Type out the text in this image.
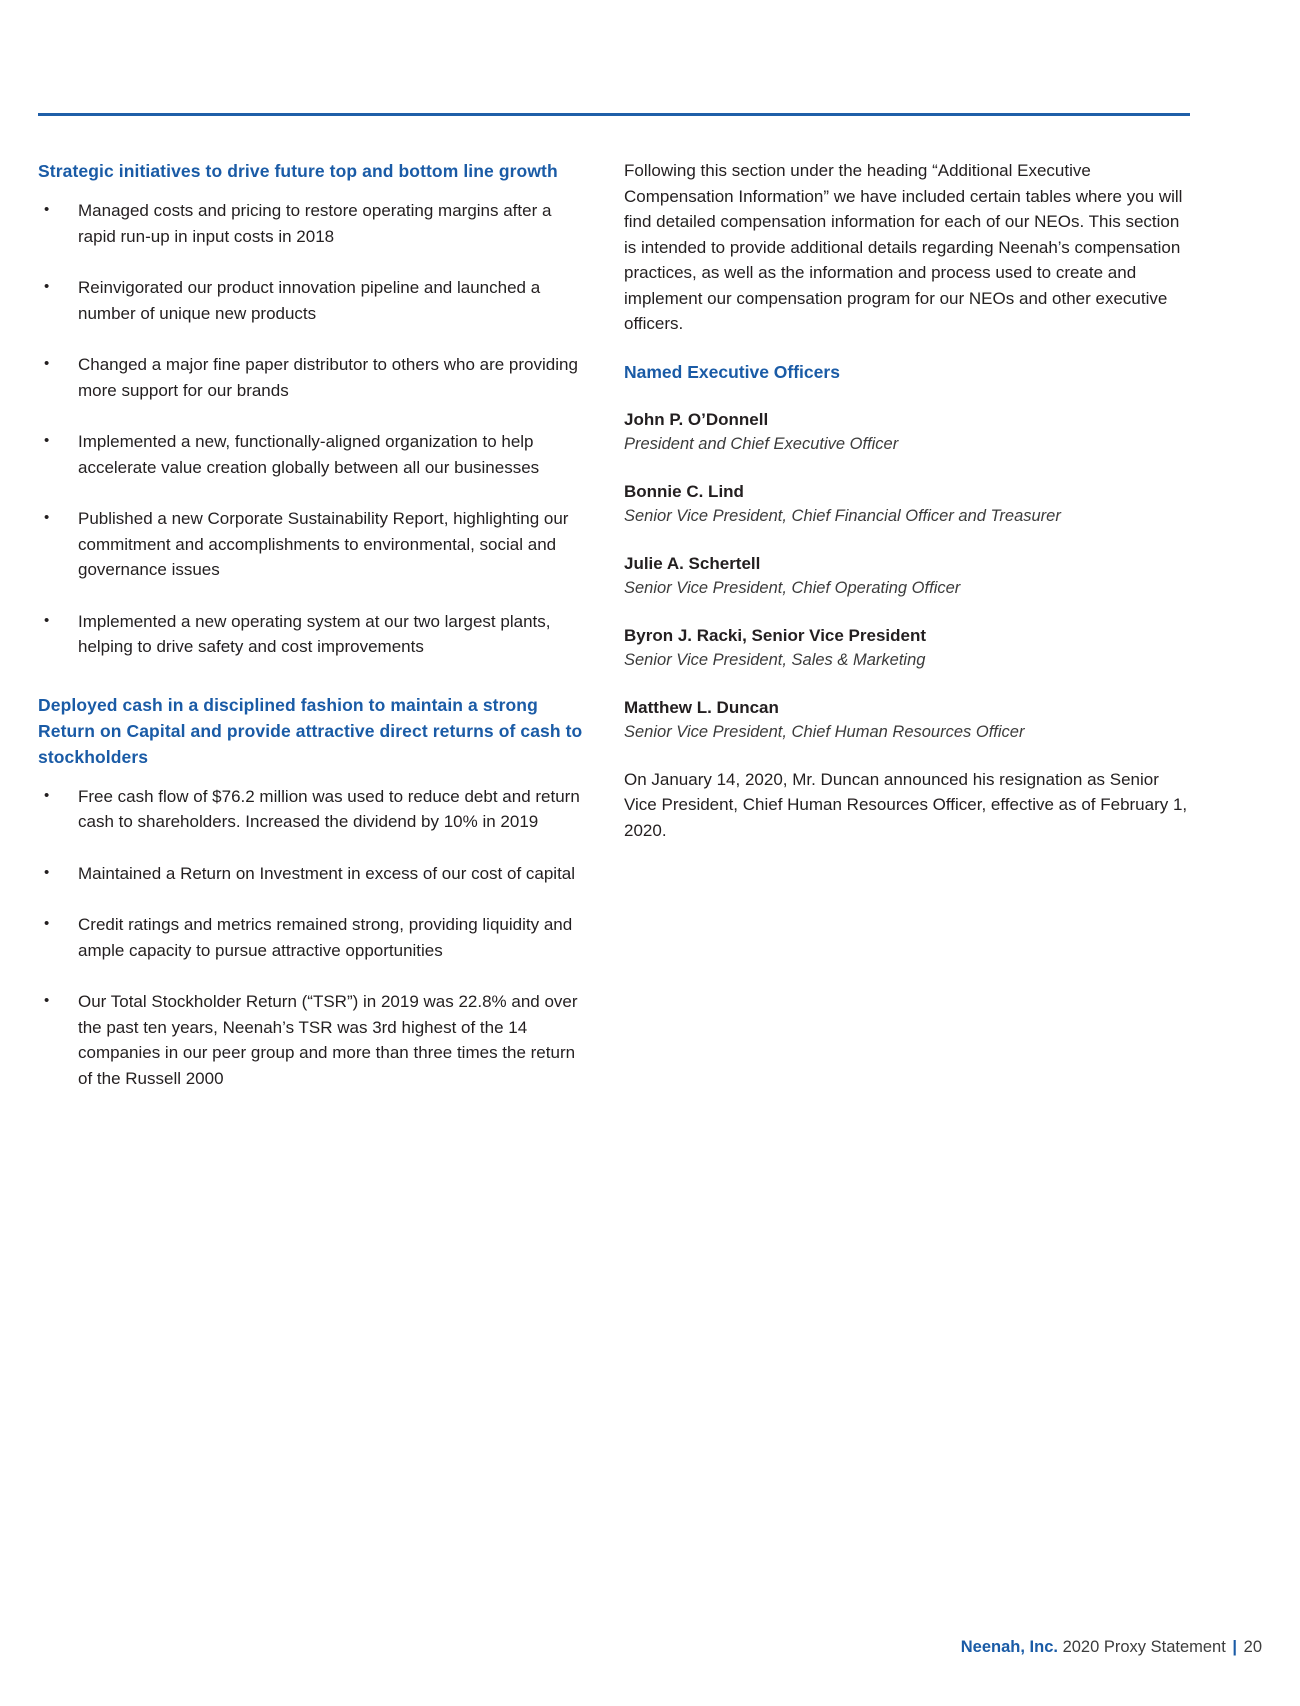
Strategic initiatives to drive future top and bottom line growth
• Managed costs and pricing to restore operating margins after a rapid run-up in input costs in 2018
• Reinvigorated our product innovation pipeline and launched a number of unique new products
• Changed a major fine paper distributor to others who are providing more support for our brands
• Implemented a new, functionally-aligned organization to help accelerate value creation globally between all our businesses
• Published a new Corporate Sustainability Report, highlighting our commitment and accomplishments to environmental, social and governance issues
• Implemented a new operating system at our two largest plants, helping to drive safety and cost improvements
Deployed cash in a disciplined fashion to maintain a strong Return on Capital and provide attractive direct returns of cash to stockholders
• Free cash flow of $76.2 million was used to reduce debt and return cash to shareholders. Increased the dividend by 10% in 2019
• Maintained a Return on Investment in excess of our cost of capital
• Credit ratings and metrics remained strong, providing liquidity and ample capacity to pursue attractive opportunities
• Our Total Stockholder Return (“TSR”) in 2019 was 22.8% and over the past ten years, Neenah’s TSR was 3rd highest of the 14 companies in our peer group and more than three times the return of the Russell 2000

Following this section under the heading “Additional Executive Compensation Information” we have included certain tables where you will find detailed compensation information for each of our NEOs. This section is intended to provide additional details regarding Neenah’s compensation practices, as well as the information and process used to create and implement our compensation program for our NEOs and other executive officers.

Named Executive Officers

John P. O’Donnell

President and Chief Executive Officer

Bonnie C. Lind

Senior Vice President, Chief Financial Officer and Treasurer

Julie A. Schertell

Senior Vice President, Chief Operating Officer

Byron J. Racki, Senior Vice President

Senior Vice President, Sales & Marketing

Matthew L. Duncan

Senior Vice President, Chief Human Resources Officer

On January 14, 2020, Mr. Duncan announced his resignation as Senior Vice President, Chief Human Resources Officer, effective as of February 1, 2020.

Neenah, Inc. 2020 Proxy Statement | 20
